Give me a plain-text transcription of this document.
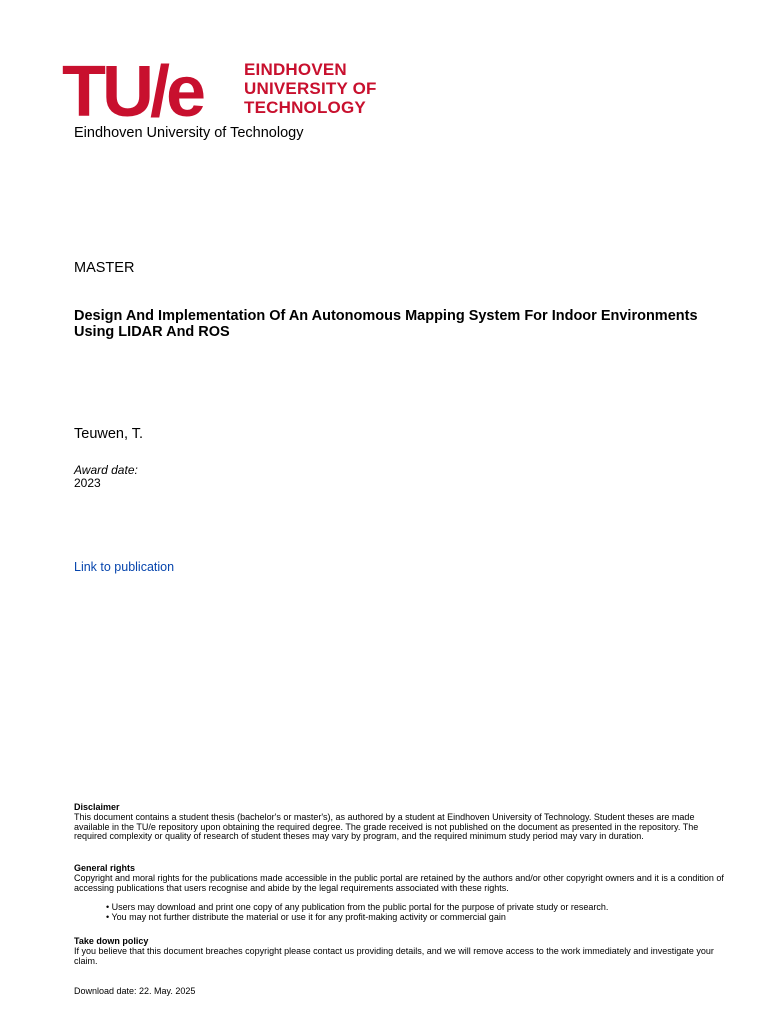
TU/e EINDHOVEN
UNIVERSITY OF
TECHNOLOGY
Eindhoven University of Technology
MASTER
Design And Implementation Of An Autonomous Mapping System For Indoor Environments Using LIDAR And ROS
Teuwen, T.
Award date:
2023
Link to publication
Disclaimer
This document contains a student thesis (bachelor's or master's), as authored by a student at Eindhoven University of Technology. Student theses are made available in the TU/e repository upon obtaining the required degree. The grade received is not published on the document as presented in the repository. The required complexity or quality of research of student theses may vary by program, and the required minimum study period may vary in duration.
General rights
Copyright and moral rights for the publications made accessible in the public portal are retained by the authors and/or other copyright owners and it is a condition of accessing publications that users recognise and abide by the legal requirements associated with these rights.
• Users may download and print one copy of any publication from the public portal for the purpose of private study or research.
• You may not further distribute the material or use it for any profit-making activity or commercial gain
Take down policy
If you believe that this document breaches copyright please contact us providing details, and we will remove access to the work immediately and investigate your claim.
Download date: 22. May. 2025
